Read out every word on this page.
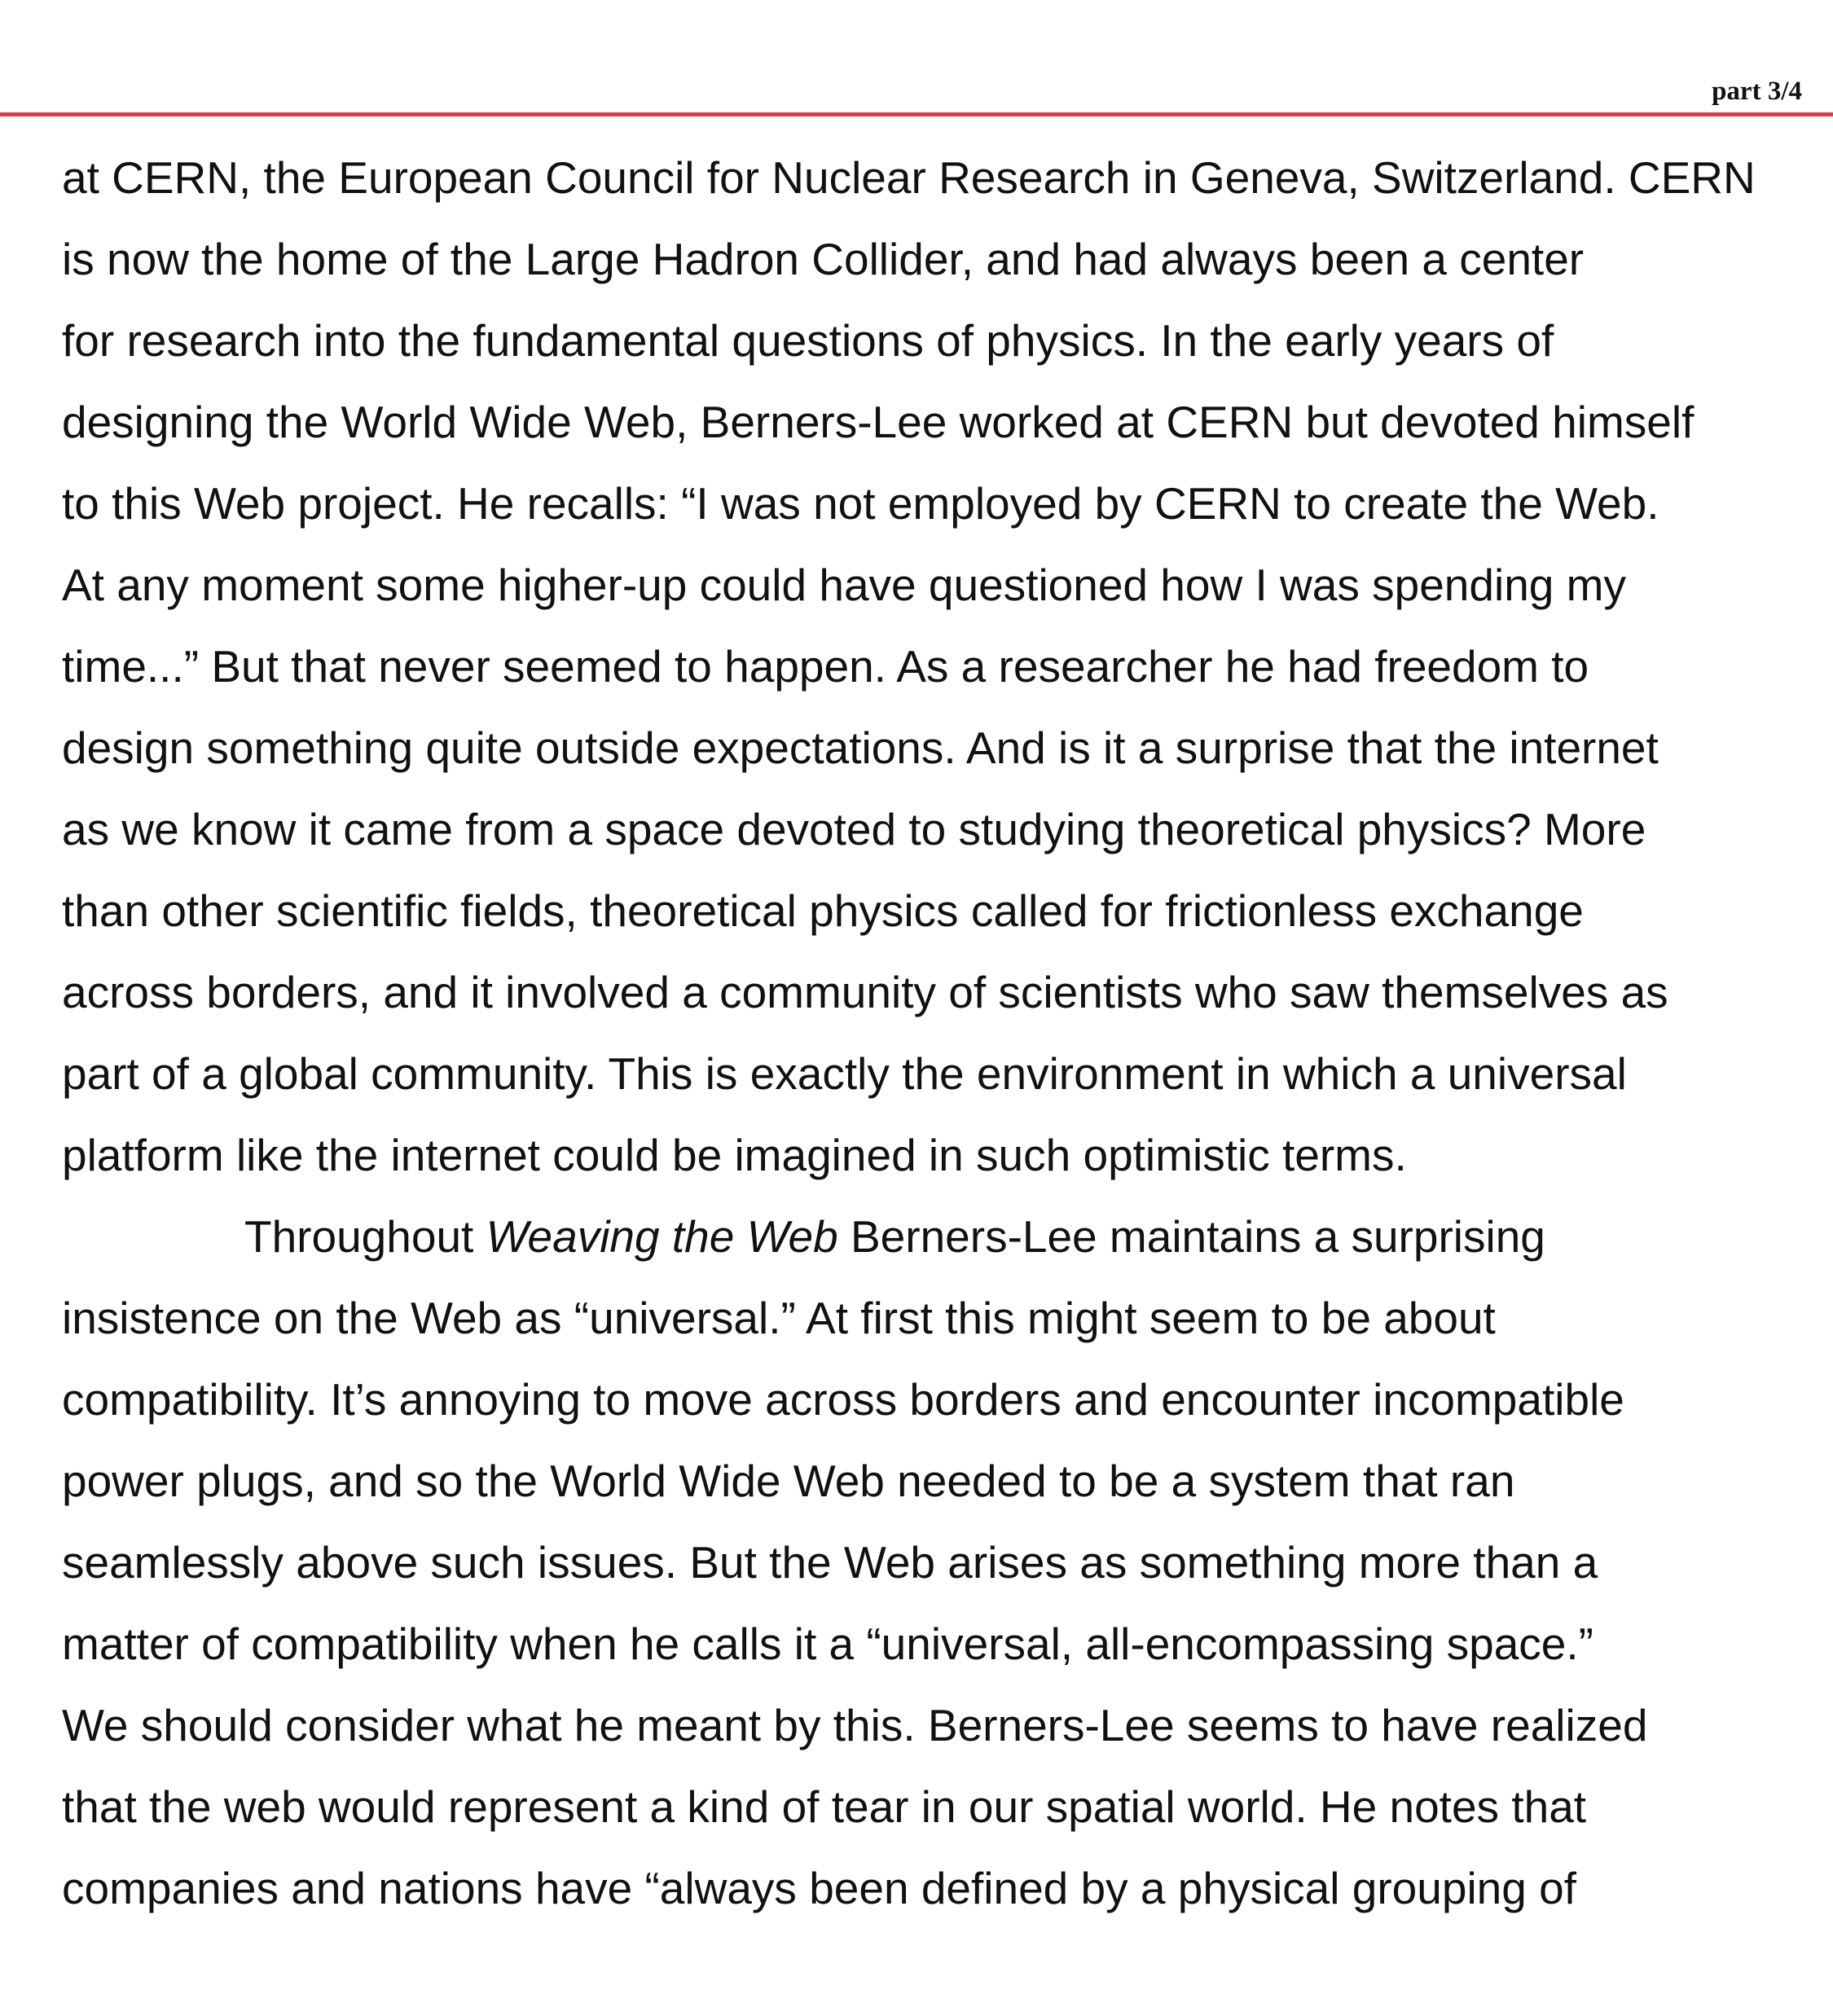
part 3/4
at CERN, the European Council for Nuclear Research in Geneva, Switzerland. CERN
is now the home of the Large Hadron Collider, and had always been a center
for research into the fundamental questions of physics. In the early years of
designing the World Wide Web, Berners-Lee worked at CERN but devoted himself
to this Web project. He recalls: “I was not employed by CERN to create the Web.
At any moment some higher-up could have questioned how I was spending my
time...” But that never seemed to happen. As a researcher he had freedom to
design something quite outside expectations. And is it a surprise that the internet
as we know it came from a space devoted to studying theoretical physics? More
than other scientific fields, theoretical physics called for frictionless exchange
across borders, and it involved a community of scientists who saw themselves as
part of a global community. This is exactly the environment in which a universal
platform like the internet could be imagined in such optimistic terms.
Throughout Weaving the Web Berners-Lee maintains a surprising
insistence on the Web as “universal.” At first this might seem to be about
compatibility. It’s annoying to move across borders and encounter incompatible
power plugs, and so the World Wide Web needed to be a system that ran
seamlessly above such issues. But the Web arises as something more than a
matter of compatibility when he calls it a “universal, all-encompassing space.”
We should consider what he meant by this. Berners-Lee seems to have realized
that the web would represent a kind of tear in our spatial world. He notes that
companies and nations have “always been defined by a physical grouping of
